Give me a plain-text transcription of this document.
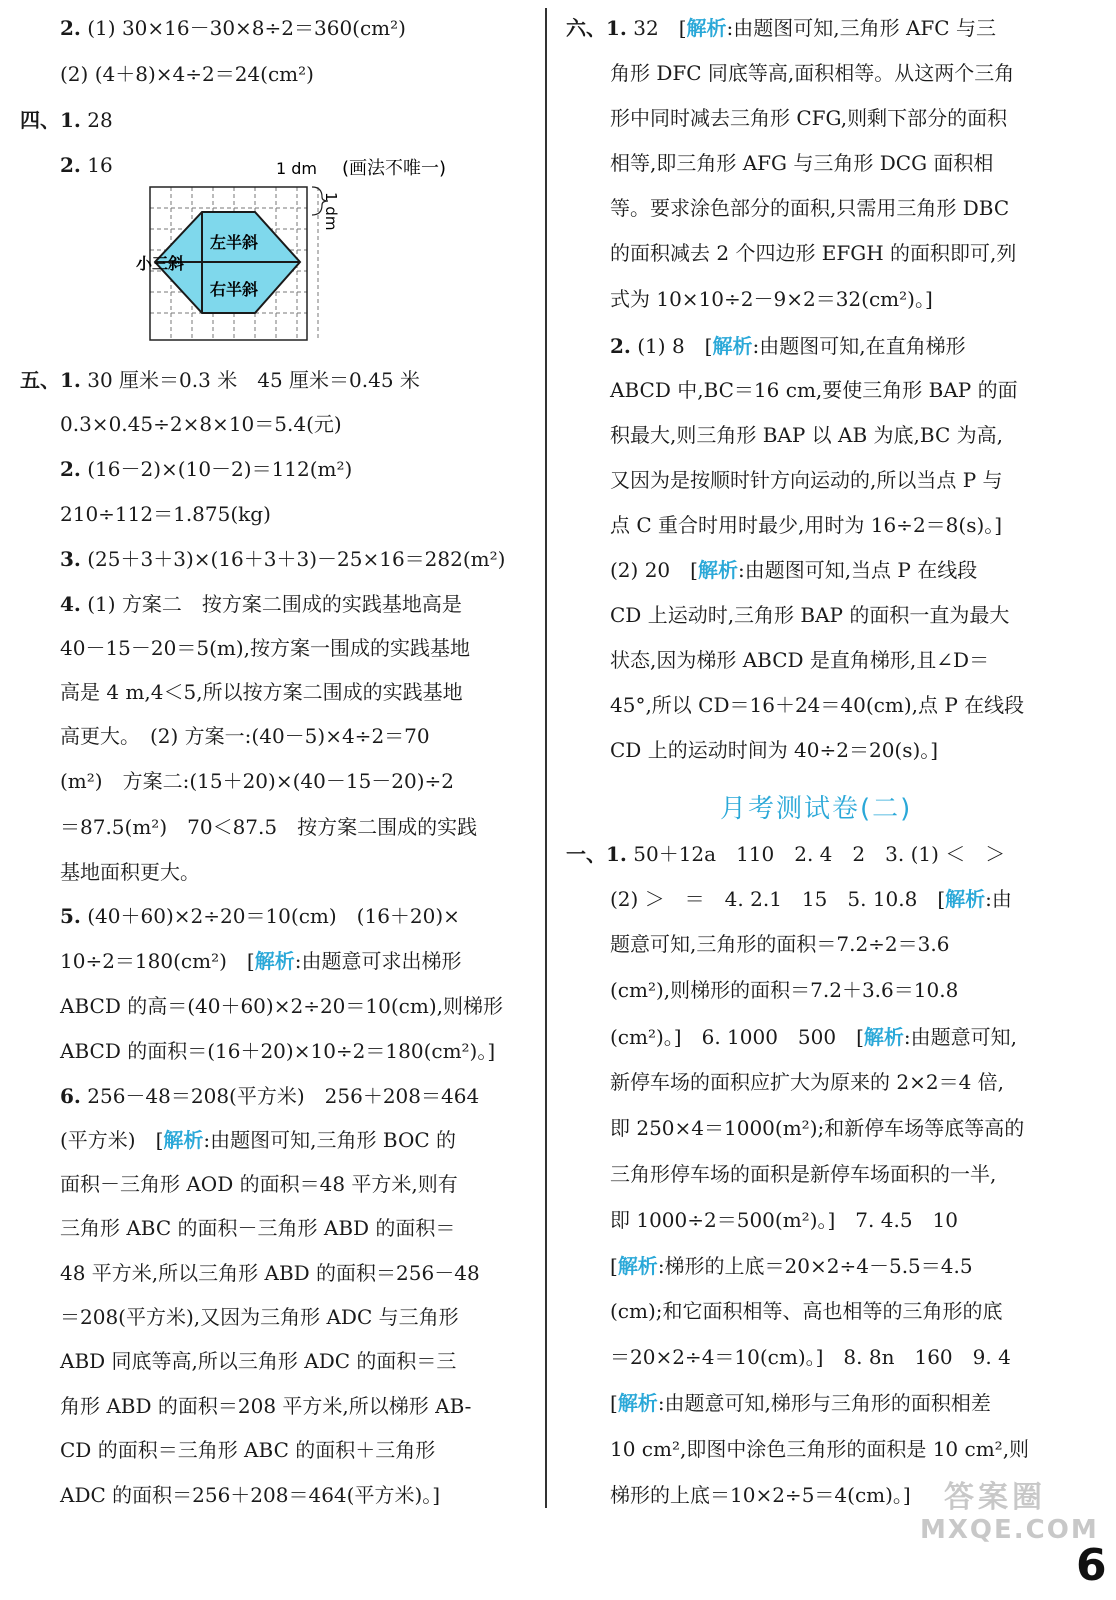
2. (1) 30×16－30×8÷2＝360(cm²)
(2) (4＋8)×4÷2＝24(cm²)
四、1. 28
2. 16	1 dm (画法不唯一)
1 dm
左半斜
右半斜
小三斜
五、1. 30 厘米＝0.3 米　45 厘米＝0.45 米
0.3×0.45÷2×8×10＝5.4(元)
2. (16－2)×(10－2)＝112(m²)
210÷112＝1.875(kg)
3. (25＋3＋3)×(16＋3＋3)－25×16＝282(m²)
4. (1) 方案二　按方案二围成的实践基地高是
40－15－20＝5(m),按方案一围成的实践基地
高是 4 m,4＜5,所以按方案二围成的实践基地
高更大。　(2) 方案一:(40－5)×4÷2＝70
(m²)　方案二:(15＋20)×(40－15－20)÷2
＝87.5(m²)　70＜87.5　按方案二围成的实践
基地面积更大。
5. (40＋60)×2÷20＝10(cm)　(16＋20)×
10÷2＝180(cm²)　[解析:由题意可求出梯形
ABCD 的高＝(40＋60)×2÷20＝10(cm),则梯形
ABCD 的面积＝(16＋20)×10÷2＝180(cm²)。]
6. 256－48＝208(平方米)　256＋208＝464
(平方米)　[解析:由题图可知,三角形 BOC 的
面积－三角形 AOD 的面积＝48 平方米,则有
三角形 ABC 的面积－三角形 ABD 的面积＝
48 平方米,所以三角形 ABD 的面积＝256－48
＝208(平方米),又因为三角形 ADC 与三角形
ABD 同底等高,所以三角形 ADC 的面积＝三
角形 ABD 的面积＝208 平方米,所以梯形 AB-
CD 的面积＝三角形 ABC 的面积＋三角形
ADC 的面积＝256＋208＝464(平方米)。]
六、1. 32　[解析:由题图可知,三角形 AFC 与三
角形 DFC 同底等高,面积相等。从这两个三角
形中同时减去三角形 CFG,则剩下部分的面积
相等,即三角形 AFG 与三角形 DCG 面积相
等。要求涂色部分的面积,只需用三角形 DBC
的面积减去 2 个四边形 EFGH 的面积即可,列
式为 10×10÷2－9×2＝32(cm²)。]
2. (1) 8　[解析:由题图可知,在直角梯形
ABCD 中,BC＝16 cm,要使三角形 BAP 的面
积最大,则三角形 BAP 以 AB 为底,BC 为高,
又因为是按顺时针方向运动的,所以当点 P 与
点 C 重合时用时最少,用时为 16÷2＝8(s)。]
(2) 20　[解析:由题图可知,当点 P 在线段
CD 上运动时,三角形 BAP 的面积一直为最大
状态,因为梯形 ABCD 是直角梯形,且∠D＝
45°,所以 CD＝16＋24＝40(cm),点 P 在线段
CD 上的运动时间为 40÷2＝20(s)。]
月考测试卷(二)
一、1. 50＋12a　110　2. 4　2　3. (1) ＜　＞
(2) ＞　＝　4. 2.1　15　5. 10.8　[解析:由
题意可知,三角形的面积＝7.2÷2＝3.6
(cm²),则梯形的面积＝7.2＋3.6＝10.8
(cm²)。]　6. 1000　500　[解析:由题意可知,
新停车场的面积应扩大为原来的 2×2＝4 倍,
即 250×4＝1000(m²);和新停车场等底等高的
三角形停车场的面积是新停车场面积的一半,
即 1000÷2＝500(m²)。]　7. 4.5　10
[解析:梯形的上底＝20×2÷4－5.5＝4.5
(cm);和它面积相等、高也相等的三角形的底
＝20×2÷4＝10(cm)。]　8. 8n　160　9. 4
[解析:由题意可知,梯形与三角形的面积相差
10 cm²,即图中涂色三角形的面积是 10 cm²,则
梯形的上底＝10×2÷5＝4(cm)。]	答案圈
MXQE.COM
6
